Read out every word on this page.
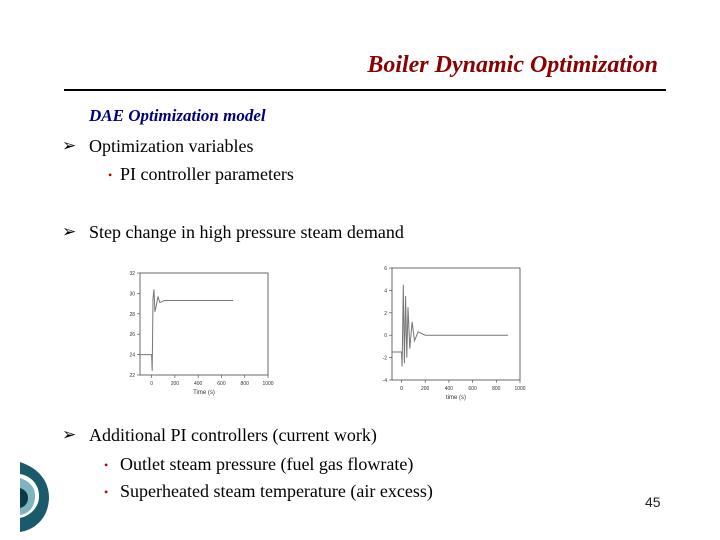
Boiler Dynamic Optimization
DAE Optimization model
➢ Optimization variables
• PI controller parameters
➢ Step change in high pressure steam demand
0	200	400	600	800	1000
22
24
26
28
30
32
Time (s)
0	200	400	600	800	1000
-4
-2
0
2
4
6
time (s)
➢ Additional PI controllers (current work)
• Outlet steam pressure (fuel gas flowrate)
• Superheated steam temperature (air excess)
45
